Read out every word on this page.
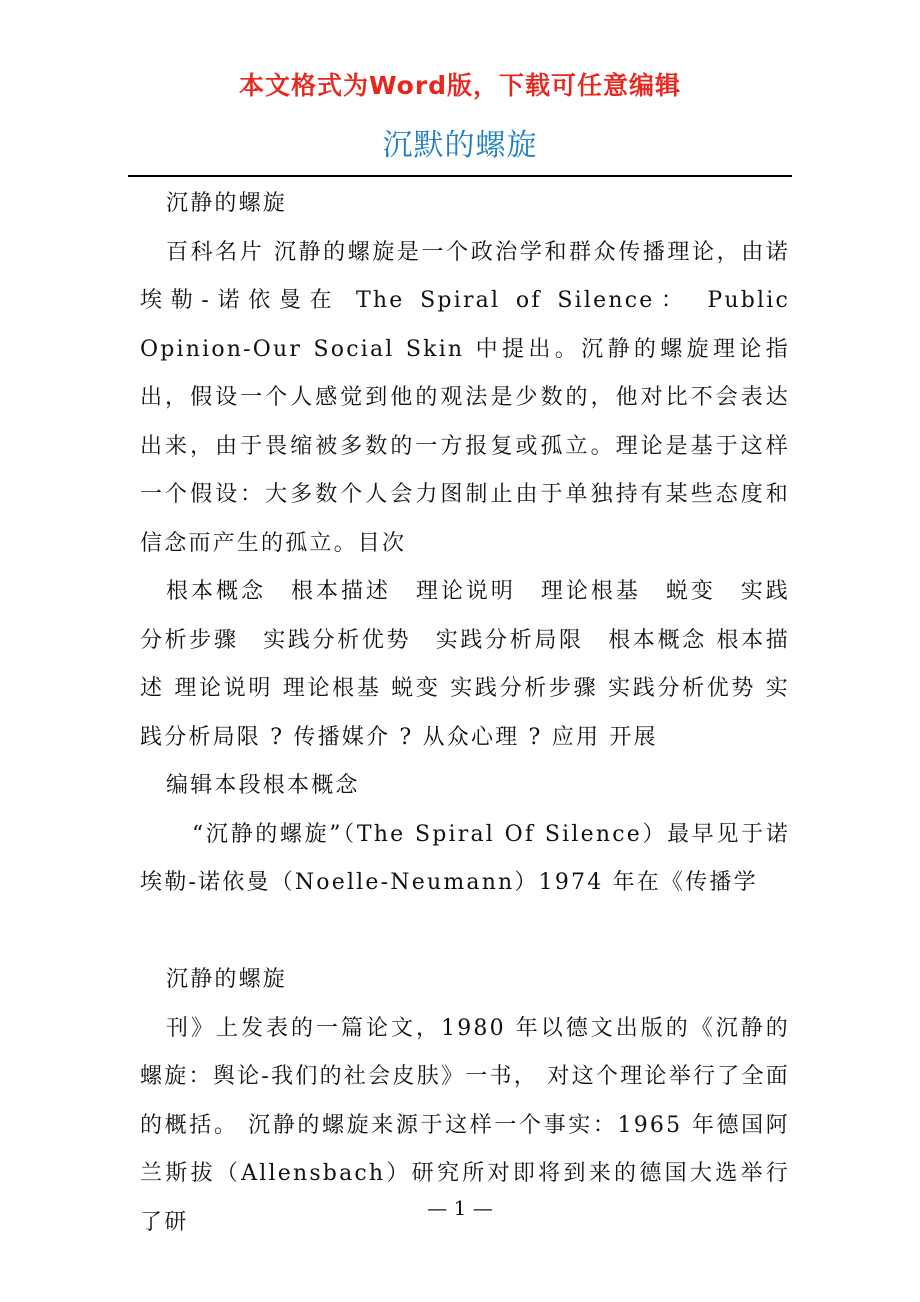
本文格式为Word版，下载可任意编辑
沉默的螺旋

沉静的螺旋

百科名片 沉静的螺旋是一个政治学和群众传播理论，由诺埃勒-诺依曼在 The Spiral of Silence： Public Opinion-Our Social Skin 中提出。沉静的螺旋理论指出，假设一个人感觉到他的观法是少数的，他对比不会表达出来，由于畏缩被多数的一方报复或孤立。理论是基于这样一个假设：大多数个人会力图制止由于单独持有某些态度和信念而产生的孤立。目次

根本概念　根本描述　理论说明　理论根基　蜕变　实践分析步骤　实践分析优势　实践分析局限　根本概念 根本描述 理论说明 理论根基 蜕变 实践分析步骤 实践分析优势 实践分析局限 ? 传播媒介 ? 从众心理 ? 应用 开展

编辑本段根本概念

“沉静的螺旋”（The Spiral Of Silence）最早见于诺埃勒-诺依曼（Noelle-Neumann）1974 年在《传播学

沉静的螺旋

刊》上发表的一篇论文，1980 年以德文出版的《沉静的螺旋：舆论-我们的社会皮肤》一书， 对这个理论举行了全面的概括。 沉静的螺旋来源于这样一个事实：1965 年德国阿兰斯拔（Allensbach）研究所对即将到来的德国大选举行了研

— 1 —
